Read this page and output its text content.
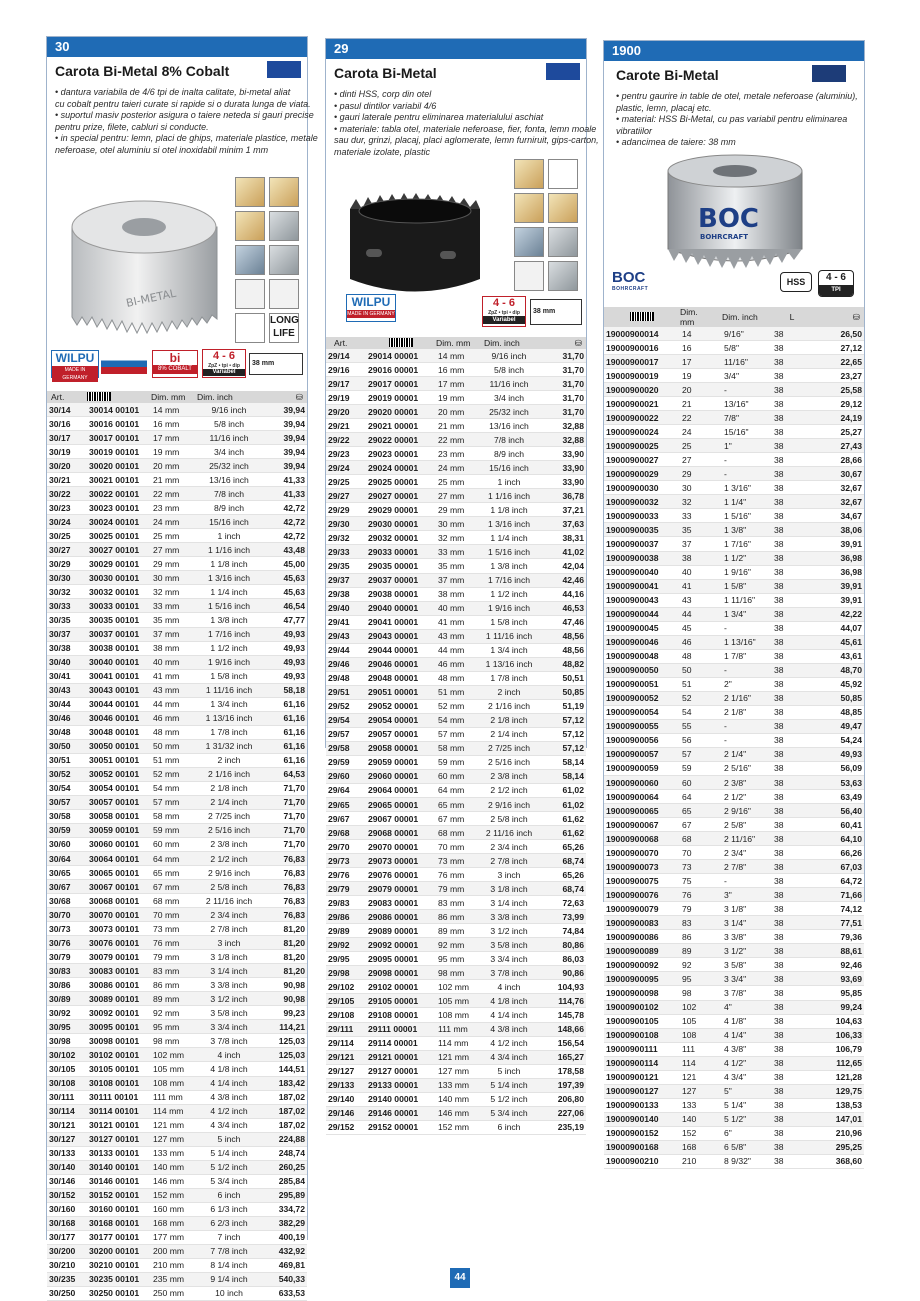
30
Carota Bi-Metal 8% Cobalt
• dantura variabila de 4/6 tpi de inalta calitate, bi-metal aliat
cu cobalt pentru taieri curate si rapide si o durata lunga de viata.
• suportul masiv posterior asigura o taiere neteda si gauri precise
pentru prize, filete, cabluri si conducte.
• in special pentru: lemn, placi de ghips, materiale plastice, metale
neferoase, otel aluminiu si otel inoxidabil minim 1 mm
BI-METAL
LONG LIFE
WILPU
MADE IN GERMANY
bi
8% COBALT
4 - 6
ZpZ • tpi • dip
Variabel
38 mm
Art.		Dim. mm	Dim. inch	⛁
30/14	30014 00101	14 mm	9/16 inch	39,94
30/16	30016 00101	16 mm	5/8 inch	39,94
30/17	30017 00101	17 mm	11/16 inch	39,94
30/19	30019 00101	19 mm	3/4 inch	39,94
30/20	30020 00101	20 mm	25/32 inch	39,94
30/21	30021 00101	21 mm	13/16 inch	41,33
30/22	30022 00101	22 mm	7/8 inch	41,33
30/23	30023 00101	23 mm	8/9 inch	42,72
30/24	30024 00101	24 mm	15/16 inch	42,72
30/25	30025 00101	25 mm	1 inch	42,72
30/27	30027 00101	27 mm	1 1/16 inch	43,48
30/29	30029 00101	29 mm	1 1/8 inch	45,00
30/30	30030 00101	30 mm	1 3/16 inch	45,63
30/32	30032 00101	32 mm	1 1/4 inch	45,63
30/33	30033 00101	33 mm	1 5/16 inch	46,54
30/35	30035 00101	35 mm	1 3/8 inch	47,77
30/37	30037 00101	37 mm	1 7/16 inch	49,93
30/38	30038 00101	38 mm	1 1/2 inch	49,93
30/40	30040 00101	40 mm	1 9/16 inch	49,93
30/41	30041 00101	41 mm	1 5/8 inch	49,93
30/43	30043 00101	43 mm	1 11/16 inch	58,18
30/44	30044 00101	44 mm	1 3/4 inch	61,16
30/46	30046 00101	46 mm	1 13/16 inch	61,16
30/48	30048 00101	48 mm	1 7/8 inch	61,16
30/50	30050 00101	50 mm	1 31/32 inch	61,16
30/51	30051 00101	51 mm	2 inch	61,16
30/52	30052 00101	52 mm	2 1/16 inch	64,53
30/54	30054 00101	54 mm	2 1/8 inch	71,70
30/57	30057 00101	57 mm	2 1/4 inch	71,70
30/58	30058 00101	58 mm	2 7/25 inch	71,70
30/59	30059 00101	59 mm	2 5/16 inch	71,70
30/60	30060 00101	60 mm	2 3/8 inch	71,70
30/64	30064 00101	64 mm	2 1/2 inch	76,83
30/65	30065 00101	65 mm	2 9/16 inch	76,83
30/67	30067 00101	67 mm	2 5/8 inch	76,83
30/68	30068 00101	68 mm	2 11/16 inch	76,83
30/70	30070 00101	70 mm	2 3/4 inch	76,83
30/73	30073 00101	73 mm	2 7/8 inch	81,20
30/76	30076 00101	76 mm	3 inch	81,20
30/79	30079 00101	79 mm	3 1/8 inch	81,20
30/83	30083 00101	83 mm	3 1/4 inch	81,20
30/86	30086 00101	86 mm	3 3/8 inch	90,98
30/89	30089 00101	89 mm	3 1/2 inch	90,98
30/92	30092 00101	92 mm	3 5/8 inch	99,23
30/95	30095 00101	95 mm	3 3/4 inch	114,21
30/98	30098 00101	98 mm	3 7/8 inch	125,03
30/102	30102 00101	102 mm	4 inch	125,03
30/105	30105 00101	105 mm	4 1/8 inch	144,51
30/108	30108 00101	108 mm	4 1/4 inch	183,42
30/111	30111 00101	111 mm	4 3/8 inch	187,02
30/114	30114 00101	114 mm	4 1/2 inch	187,02
30/121	30121 00101	121 mm	4 3/4 inch	187,02
30/127	30127 00101	127 mm	5 inch	224,88
30/133	30133 00101	133 mm	5 1/4 inch	248,74
30/140	30140 00101	140 mm	5 1/2 inch	260,25
30/146	30146 00101	146 mm	5 3/4 inch	285,84
30/152	30152 00101	152 mm	6 inch	295,89
30/160	30160 00101	160 mm	6 1/3 inch	334,72
30/168	30168 00101	168 mm	6 2/3 inch	382,29
30/177	30177 00101	177 mm	7 inch	400,19
30/200	30200 00101	200 mm	7 7/8 inch	432,92
30/210	30210 00101	210 mm	8 1/4 inch	469,81
30/235	30235 00101	235 mm	9 1/4 inch	540,33
30/250	30250 00101	250 mm	10 inch	633,53
29
Carota Bi-Metal
• dinti HSS, corp din otel
• pasul dintilor variabil 4/6
• gauri laterale pentru eliminarea materialului aschiat
• materiale: tabla otel, materiale neferoase, fier, fonta, lemn moale
sau dur, grinzi, placaj, placi aglomerate, lemn furniruit, gips-carton,
materiale izolate, plastic
WILPU
MADE IN GERMANY
4 - 6
ZpZ • tpi • dip
Variabel
38 mm
Art.		Dim. mm	Dim. inch	⛁
29/14	29014 00001	14 mm	9/16 inch	31,70
29/16	29016 00001	16 mm	5/8 inch	31,70
29/17	29017 00001	17 mm	11/16 inch	31,70
29/19	29019 00001	19 mm	3/4 inch	31,70
29/20	29020 00001	20 mm	25/32 inch	31,70
29/21	29021 00001	21 mm	13/16 inch	32,88
29/22	29022 00001	22 mm	7/8 inch	32,88
29/23	29023 00001	23 mm	8/9 inch	33,90
29/24	29024 00001	24 mm	15/16 inch	33,90
29/25	29025 00001	25 mm	1 inch	33,90
29/27	29027 00001	27 mm	1 1/16 inch	36,78
29/29	29029 00001	29 mm	1 1/8 inch	37,21
29/30	29030 00001	30 mm	1 3/16 inch	37,63
29/32	29032 00001	32 mm	1 1/4 inch	38,31
29/33	29033 00001	33 mm	1 5/16 inch	41,02
29/35	29035 00001	35 mm	1 3/8 inch	42,04
29/37	29037 00001	37 mm	1 7/16 inch	42,46
29/38	29038 00001	38 mm	1 1/2 inch	44,16
29/40	29040 00001	40 mm	1 9/16 inch	46,53
29/41	29041 00001	41 mm	1 5/8 inch	47,46
29/43	29043 00001	43 mm	1 11/16 inch	48,56
29/44	29044 00001	44 mm	1 3/4 inch	48,56
29/46	29046 00001	46 mm	1 13/16 inch	48,82
29/48	29048 00001	48 mm	1 7/8 inch	50,51
29/51	29051 00001	51 mm	2 inch	50,85
29/52	29052 00001	52 mm	2 1/16 inch	51,19
29/54	29054 00001	54 mm	2 1/8 inch	57,12
29/57	29057 00001	57 mm	2 1/4 inch	57,12
29/58	29058 00001	58 mm	2 7/25 inch	57,12
29/59	29059 00001	59 mm	2 5/16 inch	58,14
29/60	29060 00001	60 mm	2 3/8 inch	58,14
29/64	29064 00001	64 mm	2 1/2 inch	61,02
29/65	29065 00001	65 mm	2 9/16 inch	61,02
29/67	29067 00001	67 mm	2 5/8 inch	61,62
29/68	29068 00001	68 mm	2 11/16 inch	61,62
29/70	29070 00001	70 mm	2 3/4 inch	65,26
29/73	29073 00001	73 mm	2 7/8 inch	68,74
29/76	29076 00001	76 mm	3 inch	65,26
29/79	29079 00001	79 mm	3 1/8 inch	68,74
29/83	29083 00001	83 mm	3 1/4 inch	72,63
29/86	29086 00001	86 mm	3 3/8 inch	73,99
29/89	29089 00001	89 mm	3 1/2 inch	74,84
29/92	29092 00001	92 mm	3 5/8 inch	80,86
29/95	29095 00001	95 mm	3 3/4 inch	86,03
29/98	29098 00001	98 mm	3 7/8 inch	90,86
29/102	29102 00001	102 mm	4 inch	104,93
29/105	29105 00001	105 mm	4 1/8 inch	114,76
29/108	29108 00001	108 mm	4 1/4 inch	145,78
29/111	29111 00001	111 mm	4 3/8 inch	148,66
29/114	29114 00001	114 mm	4 1/2 inch	156,54
29/121	29121 00001	121 mm	4 3/4 inch	165,27
29/127	29127 00001	127 mm	5 inch	178,58
29/133	29133 00001	133 mm	5 1/4 inch	197,39
29/140	29140 00001	140 mm	5 1/2 inch	206,80
29/146	29146 00001	146 mm	5 3/4 inch	227,06
29/152	29152 00001	152 mm	6 inch	235,19
1900
Carote Bi-Metal
• pentru gaurire in table de otel, metale neferoase (aluminiu),
plastic, lemn, placaj etc.
• material: HSS Bi-Metal, cu pas variabil pentru eliminarea
vibratiilor
• adancimea de taiere: 38 mm
BOC
BOHRCRAFT
BOC
BOHRCRAFT
HSS	4 - 6
TPI
	Dim. mm	Dim. inch	L	⛁
19000900014	14	9/16"	38	26,50
19000900016	16	5/8"	38	27,12
19000900017	17	11/16"	38	22,65
19000900019	19	3/4"	38	23,27
19000900020	20	-	38	25,58
19000900021	21	13/16"	38	29,12
19000900022	22	7/8"	38	24,19
19000900024	24	15/16"	38	25,27
19000900025	25	1"	38	27,43
19000900027	27	-	38	28,66
19000900029	29	-	38	30,67
19000900030	30	1 3/16"	38	32,67
19000900032	32	1 1/4"	38	32,67
19000900033	33	1 5/16"	38	34,67
19000900035	35	1 3/8"	38	38,06
19000900037	37	1 7/16"	38	39,91
19000900038	38	1 1/2"	38	36,98
19000900040	40	1 9/16"	38	36,98
19000900041	41	1 5/8"	38	39,91
19000900043	43	1 11/16"	38	39,91
19000900044	44	1 3/4"	38	42,22
19000900045	45	-	38	44,07
19000900046	46	1 13/16"	38	45,61
19000900048	48	1 7/8"	38	43,61
19000900050	50	-	38	48,70
19000900051	51	2"	38	45,92
19000900052	52	2 1/16"	38	50,85
19000900054	54	2 1/8"	38	48,85
19000900055	55	-	38	49,47
19000900056	56	-	38	54,24
19000900057	57	2 1/4"	38	49,93
19000900059	59	2 5/16"	38	56,09
19000900060	60	2 3/8"	38	53,63
19000900064	64	2 1/2"	38	63,49
19000900065	65	2 9/16"	38	56,40
19000900067	67	2 5/8"	38	60,41
19000900068	68	2 11/16"	38	64,10
19000900070	70	2 3/4"	38	66,26
19000900073	73	2 7/8"	38	67,03
19000900075	75	-	38	64,72
19000900076	76	3"	38	71,66
19000900079	79	3 1/8"	38	74,12
19000900083	83	3 1/4"	38	77,51
19000900086	86	3 3/8"	38	79,36
19000900089	89	3 1/2"	38	88,61
19000900092	92	3 5/8"	38	92,46
19000900095	95	3 3/4"	38	93,69
19000900098	98	3 7/8"	38	95,85
19000900102	102	4"	38	99,24
19000900105	105	4 1/8"	38	104,63
19000900108	108	4 1/4"	38	106,33
19000900111	111	4 3/8"	38	106,79
19000900114	114	4 1/2"	38	112,65
19000900121	121	4 3/4"	38	121,28
19000900127	127	5"	38	129,75
19000900133	133	5 1/4"	38	138,53
19000900140	140	5 1/2"	38	147,01
19000900152	152	6"	38	210,96
19000900168	168	6 5/8"	38	295,25
19000900210	210	8 9/32"	38	368,60
44
